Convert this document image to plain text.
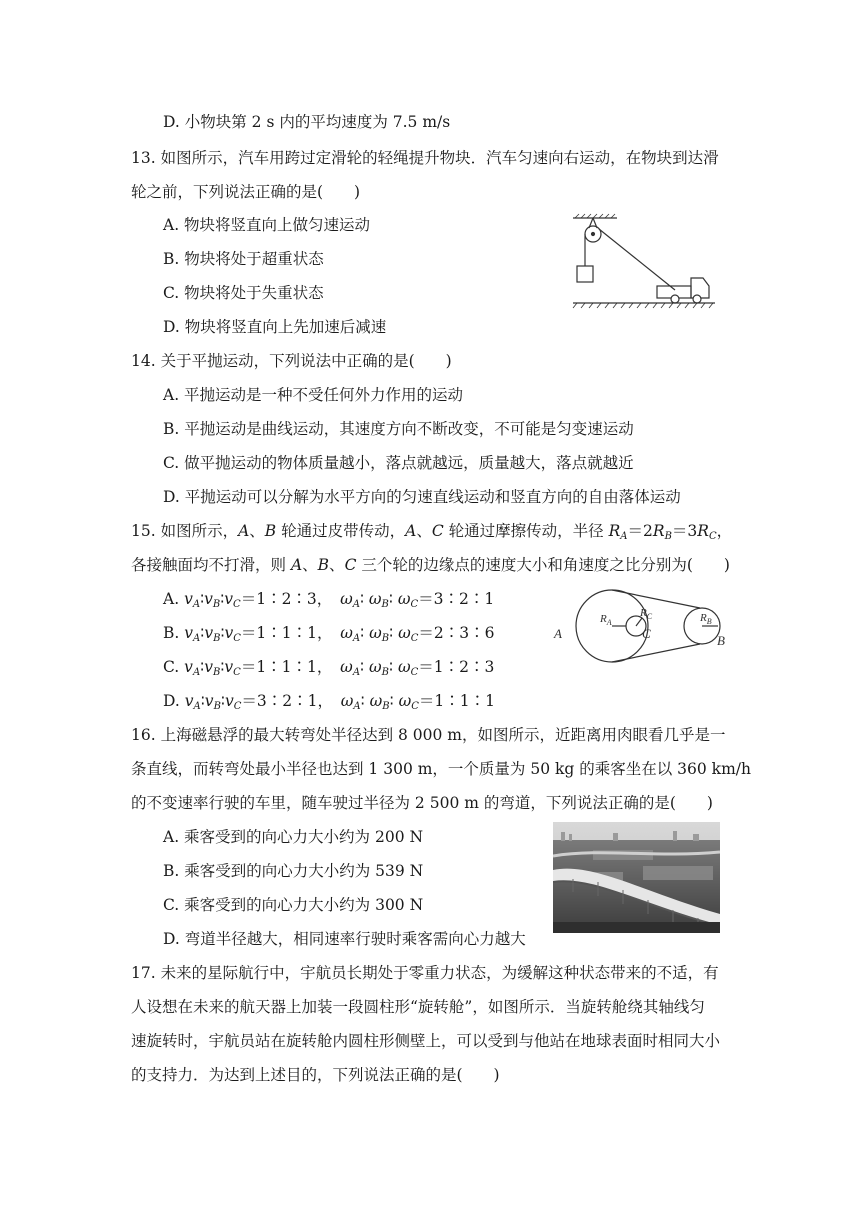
D. 小物块第 2 s 内的平均速度为 7.5 m/s
13. 如图所示，汽车用跨过定滑轮的轻绳提升物块．汽车匀速向右运动，在物块到达滑
轮之前，下列说法正确的是(　　)
A. 物块将竖直向上做匀速运动
B. 物块将处于超重状态
C. 物块将处于失重状态
D. 物块将竖直向上先加速后减速
14. 关于平抛运动，下列说法中正确的是(　　)
A. 平抛运动是一种不受任何外力作用的运动
B. 平抛运动是曲线运动，其速度方向不断改变，不可能是匀变速运动
C. 做平抛运动的物体质量越小，落点就越远，质量越大，落点就越近
D. 平抛运动可以分解为水平方向的匀速直线运动和竖直方向的自由落体运动
15. 如图所示，A、B 轮通过皮带传动，A、C 轮通过摩擦传动，半径 $R_A=2R_B=3R_C$，
各接触面均不打滑，则 A、B、C 三个轮的边缘点的速度大小和角速度之比分别为(　　)
A. $v_A∶v_B∶v_C=1∶2∶3$，　 $\omega_A∶$ $\omega_B∶$ $\omega_C=3∶2∶1$
B. $v_A∶v_B∶v_C=1∶1∶1$，　 $\omega_A∶$ $\omega_B∶$ $\omega_C=2∶3∶6$
C. $v_A∶v_B∶v_C=1∶1∶1$，　 $\omega_A∶$ $\omega_B∶$ $\omega_C=1∶2∶3$
D. $v_A∶v_B∶v_C=3∶2∶1$，　 $\omega_A∶$ $\omega_B∶$ $\omega_C=1∶1∶1$
A	C	B
$R_A$
$R_C$	$R_B$
16. 上海磁悬浮的最大转弯处半径达到 8 000 m，如图所示，近距离用肉眼看几乎是一
条直线，而转弯处最小半径也达到 1 300 m，一个质量为 50 kg 的乘客坐在以 360 km/h
的不变速率行驶的车里，随车驶过半径为 2 500 m 的弯道，下列说法正确的是(　　)
A. 乘客受到的向心力大小约为 200 N
B. 乘客受到的向心力大小约为 539 N
C. 乘客受到的向心力大小约为 300 N
D. 弯道半径越大，相同速率行驶时乘客需向心力越大
17. 未来的星际航行中，宇航员长期处于零重力状态，为缓解这种状态带来的不适，有
人设想在未来的航天器上加装一段圆柱形“旋转舱”，如图所示．当旋转舱绕其轴线匀
速旋转时，宇航员站在旋转舱内圆柱形侧壁上，可以受到与他站在地球表面时相同大小
的支持力．为达到上述目的，下列说法正确的是(　　)
